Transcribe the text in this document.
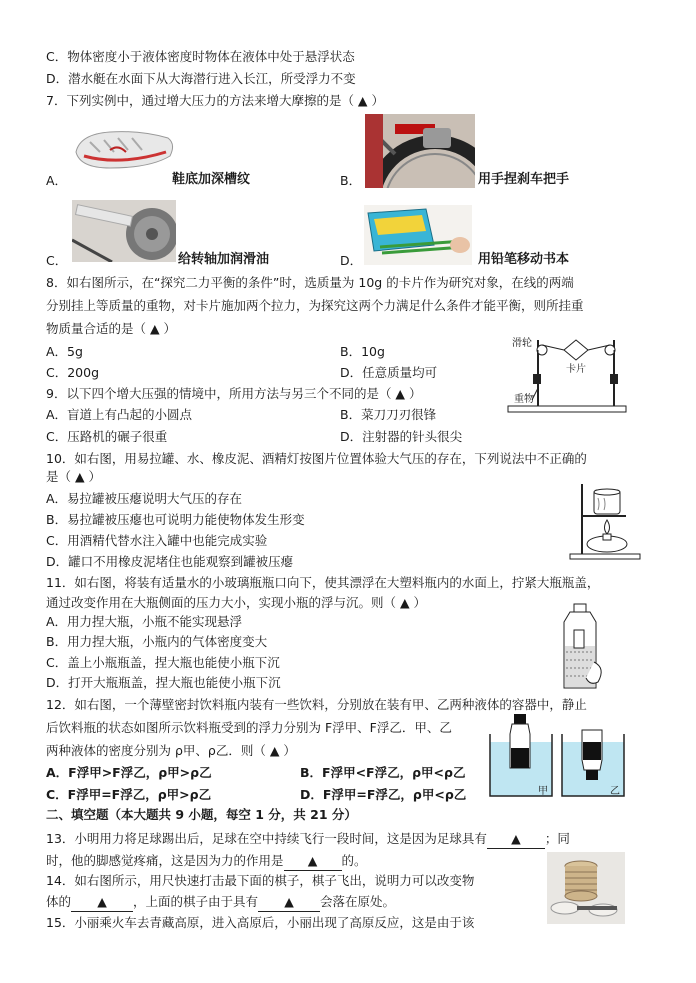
C．物体密度小于液体密度时物体在液体中处于悬浮状态
D．潜水艇在水面下从大海潜行进入长江，所受浮力不变
7．下列实例中，通过增大压力的方法来增大摩擦的是（ ▲ ）
A．	鞋底加深槽纹	B．	用手捏刹车把手
C．	给转轴加润滑油	D．	用铅笔移动书本
8．如右图所示，在“探究二力平衡的条件”时，选质量为 10g 的卡片作为研究对象，在线的两端
分别挂上等质量的重物，对卡片施加两个拉力，为探究这两个力满足什么条件才能平衡，则所挂重
物质量合适的是（ ▲ ）
A．5g	B．10g
C．200g	D．任意质量均可
滑轮
卡片
重物
9．以下四个增大压强的情境中，所用方法与另三个不同的是（ ▲ ）
A．盲道上有凸起的小圆点	B．菜刀刀刃很锋
C．压路机的碾子很重	D．注射器的针头很尖
10．如右图，用易拉罐、水、橡皮泥、酒精灯按图片位置体验大气压的存在，下列说法中不正确的
是（ ▲ ）
A．易拉罐被压瘪说明大气压的存在
B．易拉罐被压瘪也可说明力能使物体发生形变
C．用酒精代替水注入罐中也能完成实验
D．罐口不用橡皮泥堵住也能观察到罐被压瘪
11．如右图，将装有适量水的小玻璃瓶瓶口向下，使其漂浮在大塑料瓶内的水面上，拧紧大瓶瓶盖，
通过改变作用在大瓶侧面的压力大小，实现小瓶的浮与沉。则（ ▲ ）
A．用力捏大瓶，小瓶不能实现悬浮
B．用力捏大瓶，小瓶内的气体密度变大
C．盖上小瓶瓶盖，捏大瓶也能使小瓶下沉
D．打开大瓶瓶盖，捏大瓶也能使小瓶下沉
12．如右图，一个薄壁密封饮料瓶内装有一些饮料，分别放在装有甲、乙两种液体的容器中，静止
后饮料瓶的状态如图所示饮料瓶受到的浮力分别为 F浮甲、F浮乙．甲、乙
两种液体的密度分别为 ρ甲、ρ乙．则（ ▲ ）
A．F浮甲>F浮乙，ρ甲>ρ乙	B．F浮甲<F浮乙，ρ甲<ρ乙
C．F浮甲=F浮乙，ρ甲>ρ乙	D．F浮甲=F浮乙，ρ甲<ρ乙	甲	乙
二、填空题（本大题共 9 小题，每空 1 分，共 21 分）
13．小明用力将足球踢出后，足球在空中持续飞行一段时间，这是因为足球具有 ▲ ；同
时，他的脚感觉疼痛，这是因为力的作用是 ▲ 的。
14．如右图所示，用尺快速打击最下面的棋子，棋子飞出，说明力可以改变物
体的 ▲ ，上面的棋子由于具有 ▲ 会落在原处。
15．小丽乘火车去青藏高原，进入高原后，小丽出现了高原反应，这是由于该
